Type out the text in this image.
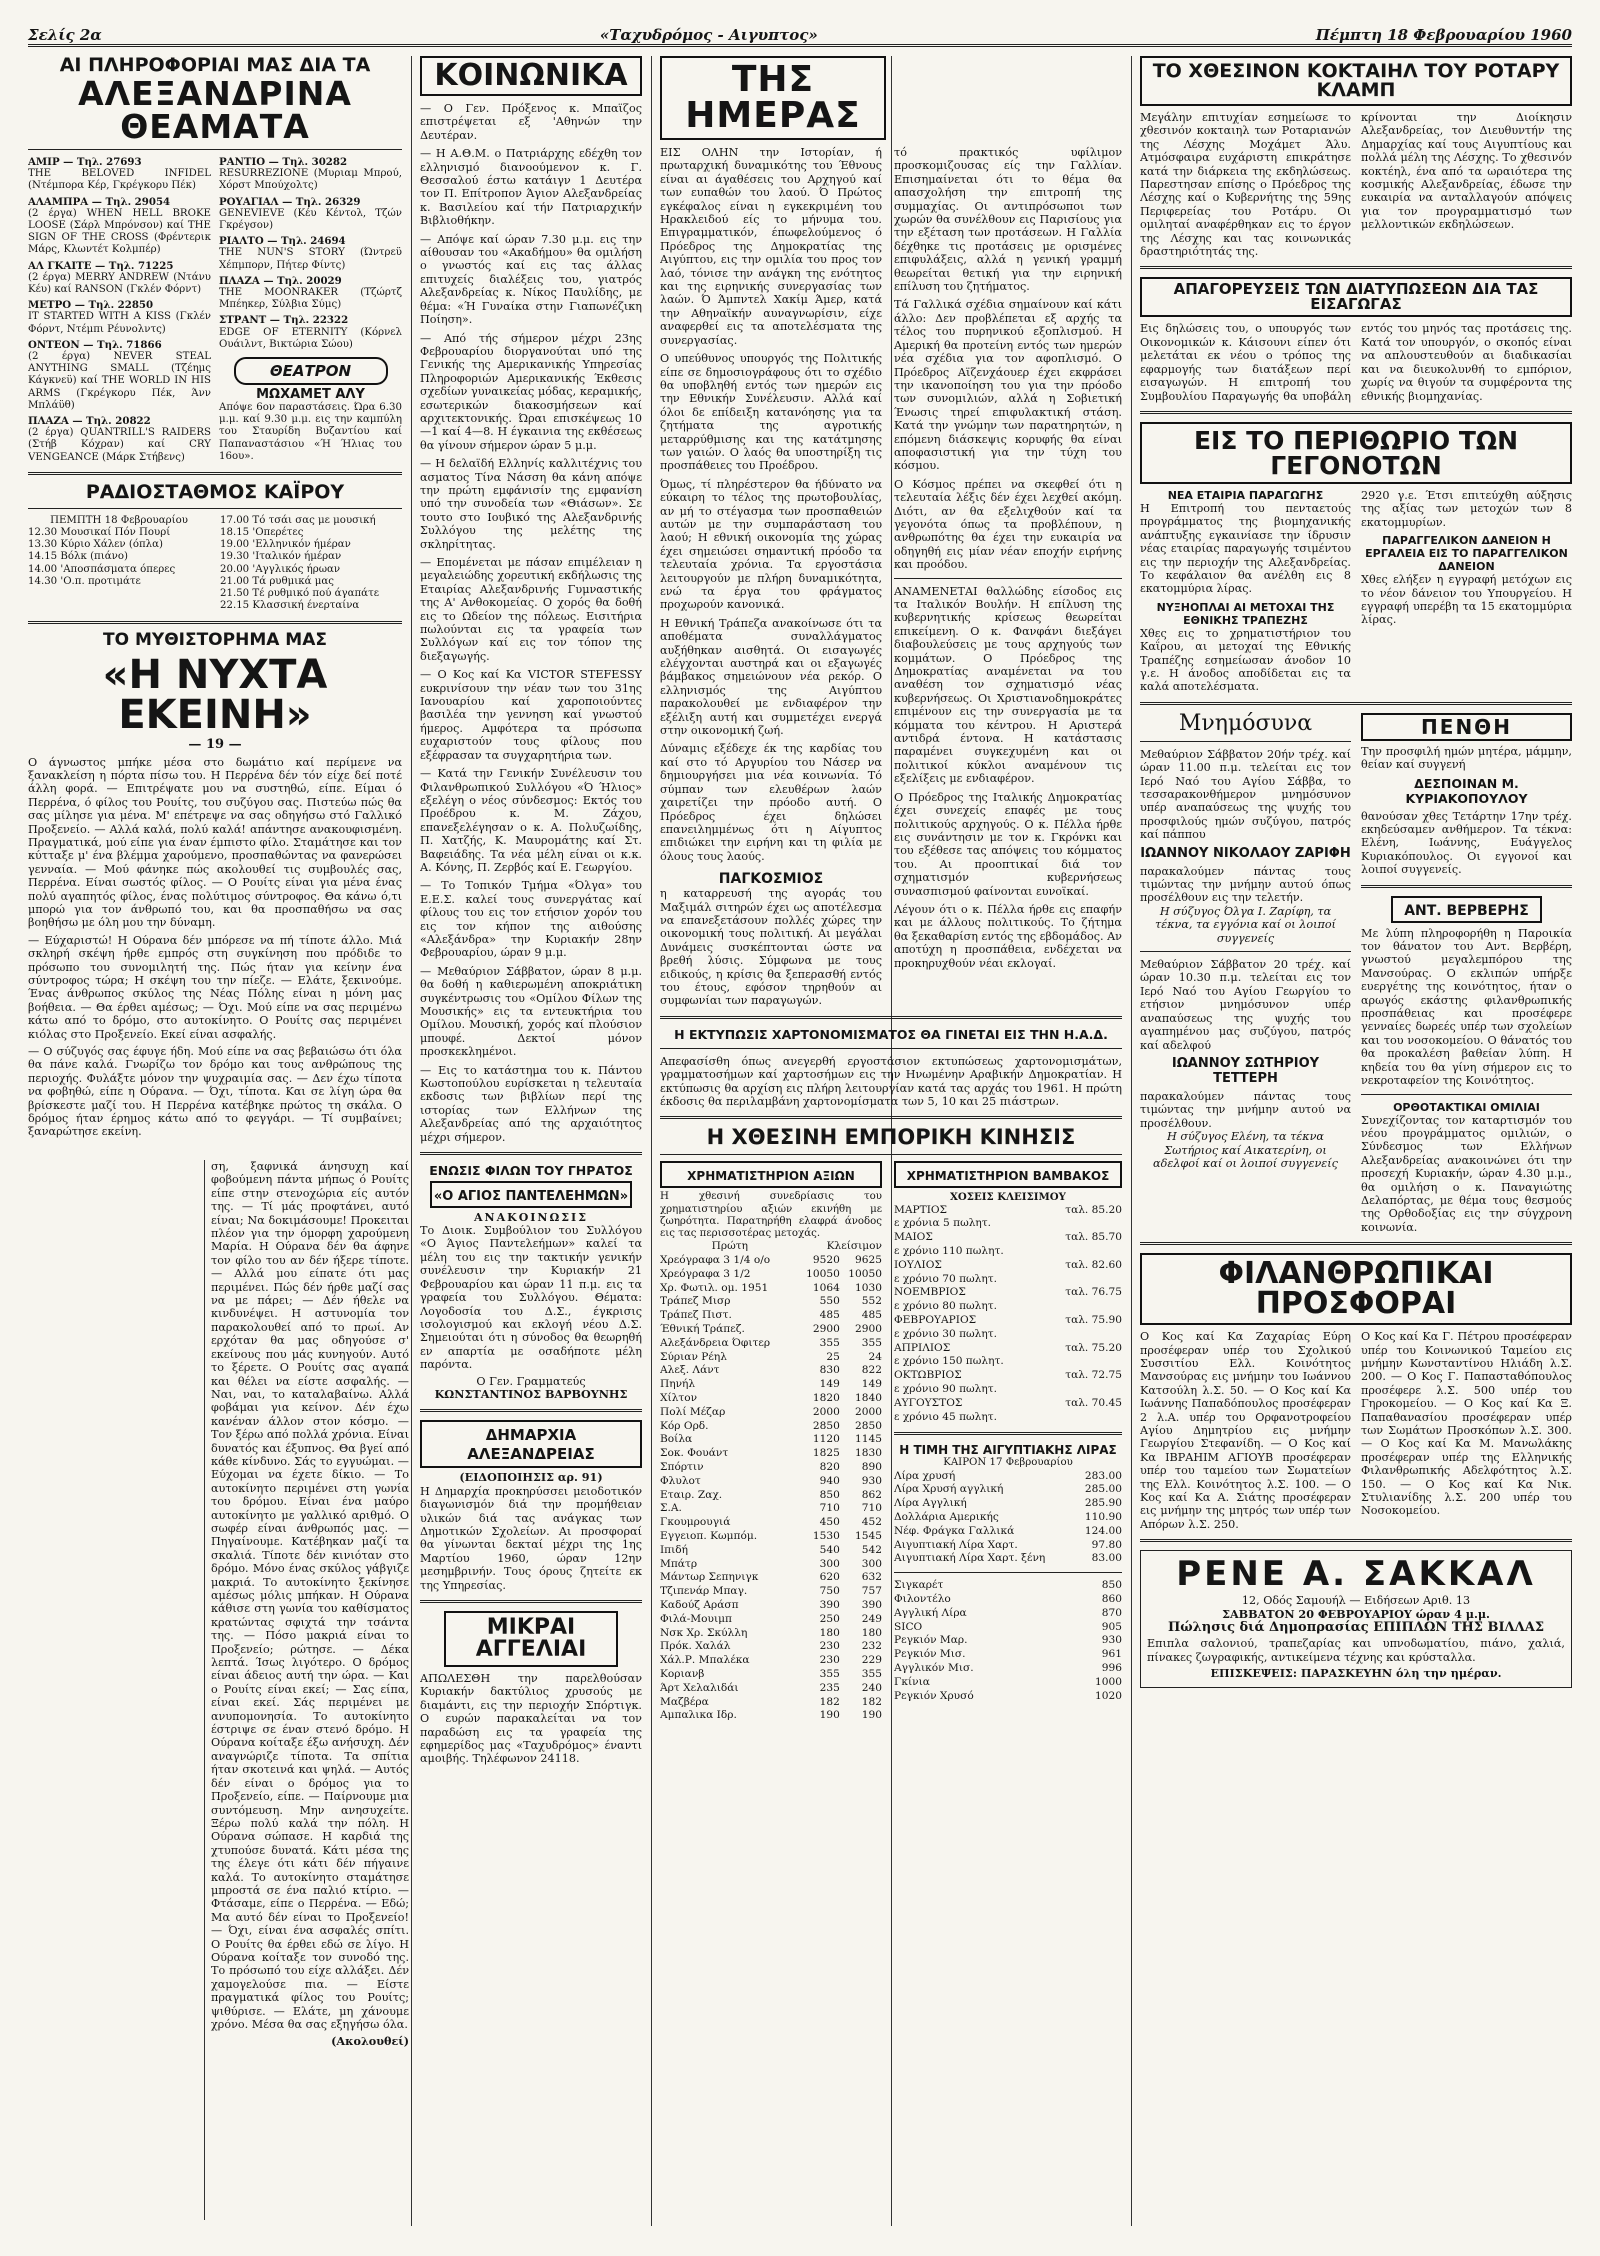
Σελίς 2α	«Ταχυδρόμος - Αιγυπτος»	Πέμπτη 18 Φεβρουαρίου 1960
ΑΙ ΠΛΗΡΟΦΟΡΙΑΙ ΜΑΣ ΔΙΑ ΤΑ
ΑΛΕΞΑΝΔΡΙΝΑ ΘΕΑΜΑΤΑ

ΑΜΙΡ — Τηλ. 27693

THE BELOVED INFIDEL (Ντέμπορα Κέρ, Γκρέγκορυ Πέκ)

ΑΛΑΜΠΡΑ — Τηλ. 29054

(2 έργα) WHEN HELL BROKE LOOSE (Σάρλ Μπρόνσον) καί THE SIGN OF THE CROSS (Φρέντερικ Μάρς, Κλωντέτ Κολμπέρ)

ΑΛ ΓΚΑΙΤΕ — Τηλ. 71225

(2 έργα) MERRY ANDREW (Ντάνυ Κέυ) καί RANSON (Γκλέν Φόρντ)

ΜΕΤΡΟ — Τηλ. 22850

IT STARTED WITH A KISS (Γκλέν Φόρντ, Ντέμπι Ρέυνολντς)

ΟΝΤΕΟΝ — Τηλ. 71866

(2 έργα) NEVER STEAL ANYTHING SMALL (Τζέημς Κάγκνεϋ) καί THE WORLD IN HIS ARMS (Γκρέγκορυ Πέκ, Άνν Μπλάϋθ)

ΠΛΑΖΑ — Τηλ. 20822

(2 έργα) QUANTRILL'S RAIDERS (Στήβ Κόχραν) καί CRY VENGEANCE (Μάρκ Στήβενς)

ΡΑΝΤΙΟ — Τηλ. 30282

RESURREZIONE (Μυριαμ Μπρού, Χόρστ Μπούχολτς)

ΡΟΥΑΓΙΑΛ — Τηλ. 26329

GENEVIEVE (Κέυ Κέντολ, Τζών Γκρέγσον)

ΡΙΑΛΤΟ — Τηλ. 24694

THE NUN'S STORY (Ώντρεϋ Χέπμπορν, Πήτερ Φίντς)

ΠΛΑΖΑ — Τηλ. 20029

THE MOONRAKER (Τζώρτζ Μπέηκερ, Σύλβια Σύμς)

ΣΤΡΑΝΤ — Τηλ. 22322

EDGE OF ETERNITY (Κόρνελ Ουάιλντ, Βικτώρια Σώου)

ΘΕΑΤΡΟΝ
ΜΩΧΑΜΕΤ ΑΛΥ

Απόψε 6ον παραστάσεις. Ώρα 6.30 μ.μ. καί 9.30 μ.μ. εις την καμπύλη του Σταυρίδη Βυζαντίου καί Παπαναστάσιου «Ή Ήλιας του 16ου».

ΡΑΔΙΟΣΤΑΘΜΟΣ ΚΑΪΡΟΥ

ΠΕΜΠΤΗ 18 Φεβρουαρίου

12.30 Μουσικαί Πόν Πουρί

13.30 Κύριο Χάλεν (όπλα)

14.15 Βόλκ (πιάνο)

14.00 'Αποσπάσματα όπερες

14.30 'Ο.π. προτιμάτε

17.00 Τό τσάι σας με μουσική

18.15 'Οπερέτες

19.00 'Ελληνικόν ήμέραν

19.30 'Ιταλικόν ήμέραν

20.00 'Αγγλικός ήρωαν

21.00 Τά ρυθμικά μας

21.50 Τέ ρυθμικό πού άγαπάτε

22.15 Κλασσική ένερταίνα

ΤΟ ΜΥΘΙΣΤΟΡΗΜΑ ΜΑΣ
«Η ΝΥΧΤΑ ΕΚΕΙΝΗ»
— 19 —

Ο άγνωστος μπήκε μέσα στο δωμάτιο καί περίμενε να ξανακλείση η πόρτα πίσω του. Η Περρένα δέν τόν είχε δεί ποτέ άλλη φορά. — Επιτρέψατε μου να συστηθώ, είπε. Είμαι ό Περρένα, ό φίλος του Ρουίτς, του συζύγου σας. Πιστεύω πώς θα σας μίλησε για μένα. Μ' επέτρεψε να σας οδηγήσω στό Γαλλικό Προξενείο. — Αλλά καλά, πολύ καλά! απάντησε ανακουφισμένη. Πραγματικά, μού είπε για έναν έμπιστο φίλο. Σταμάτησε και τον κύτταξε μ' ένα βλέμμα χαρούμενο, προσπαθώντας να φανερώσει γενναία. — Μού φάνηκε πώς ακολουθεί τις συμβουλές σας, Περρένα. Είναι σωστός φίλος. — Ο Ρουίτς είναι για μένα ένας πολύ αγαπητός φίλος, ένας πολύτιμος σύντροφος. Θα κάνω ό,τι μπορώ για τον άνθρωπό του, και θα προσπαθήσω να σας βοηθήσω με όλη μου την δύναμη.

— Εύχαριστώ! Η Ούρανα δέν μπόρεσε να πή τίποτε άλλο. Μιά σκληρή σκέψη ήρθε εμπρός στη συγκίνηση που πρόδιδε το πρόσωπο του συνομιλητή της. Πώς ήταν για κείνην ένα σύντροφος τώρα; Η σκέψη του την πίεζε. — Ελάτε, ξεκινούμε. Ένας άνθρωπος σκύλος της Νέας Πόλης είναι η μόνη μας βοήθεια. — Θα έρθει αμέσως; — Όχι. Μού είπε να σας περιμένω κάτω από το δρόμο, στο αυτοκίνητο. Ο Ρουίτς σας περιμένει κιόλας στο Προξενείο. Εκεί είναι ασφαλής.

— Ο σύζυγός σας έφυγε ήδη. Μού είπε να σας βεβαιώσω ότι όλα θα πάνε καλά. Γνωρίζω τον δρόμο και τους ανθρώπους της περιοχής. Φυλάξτε μόνον την ψυχραιμία σας. — Δεν έχω τίποτα να φοβηθώ, είπε η Ούρανα. — Όχι, τίποτα. Και σε λίγη ώρα θα βρίσκεστε μαζί του. Η Περρένα κατέβηκε πρώτος τη σκάλα. Ο δρόμος ήταν έρημος κάτω από το φεγγάρι. — Τί συμβαίνει; ξαναρώτησε εκείνη.

ση, ξαφνικά άνησυχη καί φοβούμενη πάντα μήπως ό Ρουίτς είπε στην στενοχώρια είς αυτόν της. — Τί μάς προφτάνει, αυτό είναι; Να δοκιμάσουμε! Προκειται πλέον για την όμορφη χαρούμενη Μαρία. Η Ούρανα δέν θα άφηνε τον φίλο του αν δέν ήξερε τίποτε. — Αλλά μου είπατε ότι μας περιμένει. Πώς δέν ήρθε μαζί σας να με πάρει; — Δέν ήθελε να κινδυνέψει. Η αστυνομία τον παρακολουθεί από το πρωί. Αν ερχόταν θα μας οδηγούσε σ' εκείνους που μάς κυνηγούν. Αυτό το ξέρετε. Ο Ρουίτς σας αγαπά και θέλει να είστε ασφαλής. — Ναι, ναι, το καταλαβαίνω. Αλλά φοβάμαι για κείνον. Δέν έχω κανέναν άλλον στον κόσμο. — Τον ξέρω από πολλά χρόνια. Είναι δυνατός και έξυπνος. Θα βγεί από κάθε κίνδυνο. Σάς το εγγυώμαι. — Εύχομαι να έχετε δίκιο. — Το αυτοκίνητο περιμένει στη γωνία του δρόμου. Είναι ένα μαύρο αυτοκίνητο με γαλλικό αριθμό. Ο σωφέρ είναι άνθρωπός μας. — Πηγαίνουμε. Κατέβηκαν μαζί τα σκαλιά. Τίποτε δέν κινιόταν στο δρόμο. Μόνο ένας σκύλος γάβγιζε μακριά. Το αυτοκίνητο ξεκίνησε αμέσως μόλις μπήκαν. Η Ούρανα κάθισε στη γωνία του καθίσματος κρατώντας σφιχτά την τσάντα της. — Πόσο μακριά είναι το Προξενείο; ρώτησε. — Δέκα λεπτά. Ίσως λιγότερο. Ο δρόμος είναι άδειος αυτή την ώρα. — Και ο Ρουίτς είναι εκεί; — Σας είπα, είναι εκεί. Σάς περιμένει με ανυπομονησία. Το αυτοκίνητο έστριψε σε έναν στενό δρόμο. Η Ούρανα κοίταξε έξω ανήσυχη. Δέν αναγνώριζε τίποτα. Τα σπίτια ήταν σκοτεινά και ψηλά. — Αυτός δέν είναι ο δρόμος για το Προξενείο, είπε. — Παίρνουμε μια συντόμευση. Μην ανησυχείτε. Ξέρω πολύ καλά την πόλη. Η Ούρανα σώπασε. Η καρδιά της χτυπούσε δυνατά. Κάτι μέσα της της έλεγε ότι κάτι δέν πήγαινε καλά. Το αυτοκίνητο σταμάτησε μπροστά σε ένα παλιό κτίριο. — Φτάσαμε, είπε ο Περρένα. — Εδώ; Μα αυτό δέν είναι το Προξενείο! — Όχι, είναι ένα ασφαλές σπίτι. Ο Ρουίτς θα έρθει εδώ σε λίγο. Η Ούρανα κοίταξε τον συνοδό της. Το πρόσωπό του είχε αλλάξει. Δέν χαμογελούσε πια. — Είστε πραγματικά φίλος του Ρουίτς; ψιθύρισε. — Ελάτε, μη χάνουμε χρόνο. Μέσα θα σας εξηγήσω όλα.

(Ακολουθεί)

ΚΟΙΝΩΝΙΚΑ

— Ο Γεν. Πρόξενος κ. Μπαϊζος επιστρέψεται εξ 'Αθηνών την Δευτέραν.

— Η Α.Θ.Μ. ο Πατριάρχης εδέχθη τον ελληνισμό διανοούμενον κ. Γ. Θεσσαλού έστω κατάιγν 1 Δευτέρα τον Π. Επίτροπον Άγιον Αλεξανδρείας κ. Βασιλείου καί τήν Πατριαρχικήν Βιβλιοθήκην.

— Απόψε καί ώραν 7.30 μ.μ. εις την αίθουσαν του «Ακαδήμου» θα ομιλήση ο γνωστός καί εις τας άλλας επιτυχείς διαλέξεις του, γιατρός Αλεξανδρείας κ. Νίκος Παυλίδης, με θέμα: «Ή Γυναίκα στην Γιαπωνέζικη Ποίηση».

— Από τής σήμερον μέχρι 23ης Φεβρουαρίου διοργανούται υπό της Γενικής της Αμερικανικής Υπηρεσίας Πληροφοριών Αμερικανικής Έκθεσις σχεδίων γυναικείας μόδας, κεραμικής, εσωτερικών διακοσμήσεων καί αρχιτεκτονικής. Ώραι επισκέψεως 10—1 καί 4—8. Η έγκαινια της εκθέσεως θα γίνουν σήμερον ώραν 5 μ.μ.

— Η δελαϊδή Ελληνίς καλλιτέχνις του ασματος Τίνα Νάσση θα κάνη απόψε την πρώτη εμφάνισίν της εμφανίση υπό την συνοδεία των «Θιάσων». Σε τουτο στο Ιουβικό της Αλεξανδρινής Συλλόγου της μελέτης της σκληρίτητας.

— Επομένεται με πάσαν επιμέλειαν η μεγαλειώδης χορευτική εκδήλωσις της Εταιρίας Αλεξανδρινής Γυμναστικής της Α' Ανθοκομείας. Ο χορός θα δοθή εις το Ωδείον της πόλεως. Εισιτήρια πωλούνται εις τα γραφεία των Συλλόγων καί εις τον τόπον της διεξαγωγής.

— Ο Κος καί Κα VICTOR STEFESSY ευκρινίσουν την νέαν των του 31ης Ιανουαρίου καί χαροποιούντες βασιλέα την γεννηση καί γνωστού ήμερος. Αμφότερα τα πρόσωπα ευχαριστούν τους φίλους που εξέφρασαν τα συγχαρητήρια των.

— Κατά την Γενικήν Συνέλευσιν του Φιλανθρωπικού Συλλόγου «Ό Ήλιος» εξελέγη ο νέος σύνδεσμος: Εκτός του Προέδρου κ. Μ. Ζάχου, επανεξελέγησαν ο κ. Α. Πολυζωίδης, Π. Χατζής, Κ. Μαυρομάτης καί Στ. Βαφειάδης. Τα νέα μέλη είναι οι κ.κ. Α. Κόνης, Π. Ζερβός καί Ε. Γεωργίου.

— Το Τοπικόν Τμήμα «Όλγα» του Ε.Ε.Σ. καλεί τους συνεργάτας καί φίλους του εις τον ετήσιον χορόν του εις τον κήπον της αιθούσης «Αλεξάνδρα» την Κυριακήν 28ην Φεβρουαρίου, ώραν 9 μ.μ.

— Μεθαύριον Σάββατον, ώραν 8 μ.μ. θα δοθή η καθιερωμένη αποκριάτικη συγκέντρωσις του «Ομίλου Φίλων της Μουσικής» εις τα εντευκτήρια του Ομίλου. Μουσική, χορός καί πλούσιον μπουφέ. Δεκτοί μόνον προσκεκλημένοι.

— Εις το κατάστημα του κ. Πάντου Κωστοπούλου ευρίσκεται η τελευταία εκδοσις των βιβλίων περί της ιστορίας των Ελλήνων της Αλεξανδρείας από της αρχαιότητος μέχρι σήμερον.

ΕΝΩΣΙΣ ΦΙΛΩΝ ΤΟΥ ΓΗΡΑΤΟΣ
«Ο ΑΓΙΟΣ ΠΑΝΤΕΛΕΗΜΩΝ»
ΑΝΑΚΟΙΝΩΣΙΣ

Το Διοικ. Συμβούλιον του Συλλόγου «Ο Άγιος Παντελεήμων» καλεί τα μέλη του εις την τακτικήν γενικήν συνέλευσιν την Κυριακήν 21 Φεβρουαρίου και ώραν 11 π.μ. εις τα γραφεία του Συλλόγου. Θέματα: Λογοδοσία του Δ.Σ., έγκρισις ισολογισμού και εκλογή νέου Δ.Σ. Σημειούται ότι η σύνοδος θα θεωρηθή εν απαρτία με οσαδήποτε μέλη παρόντα.

Ο Γεν. Γραμματεύς

ΚΩΝΣΤΑΝΤΙΝΟΣ ΒΑΡΒΟΥΝΗΣ

ΔΗΜΑΡΧΙΑ ΑΛΕΞΑΝΔΡΕΙΑΣ

(ΕΙΔΟΠΟΙΗΣΙΣ αρ. 91)

Η Δημαρχία προκηρύσσει μειοδοτικόν διαγωνισμόν διά την προμήθειαν υλικών διά τας ανάγκας των Δημοτικών Σχολείων. Αι προσφοραί θα γίνωνται δεκταί μέχρι της 1ης Μαρτίου 1960, ώραν 12ην μεσημβρινήν. Τους όρους ζητείτε εκ της Υπηρεσίας.

ΜΙΚΡΑΙ ΑΓΓΕΛΙΑΙ

ΑΠΩΛΕΣΘΗ την παρελθούσαν Κυριακήν δακτύλιος χρυσούς με διαμάντι, εις την περιοχήν Σπόρτιγκ. Ο ευρών παρακαλείται να τον παραδώση εις τα γραφεία της εφημερίδος μας «Ταχυδρόμος» έναντι αμοιβής. Τηλέφωνον 24118.

ΤΗΣ ΗΜΕΡΑΣ

ΕΙΣ ΟΛΗΝ την Ιστορίαν, ή πρωταρχική δυναμικότης του Έθνους είναι αι άγαθέσεις του Αρχηγού καί των ευπαθών του λαού. Ό Πρώτος εγκέφαλος είναι η εγκεκριμένη του Ηρακλειδού είς το μήνυμα του. Επιγραμματικόν, έπωφελούμενος ό Πρόεδρος της Δημοκρατίας της Αιγύπτου, εις την ομιλία του προς τον λαό, τόνισε την ανάγκη της ενότητος και της ειρηνικής συνεργασίας των λαών. Ό Άμπντελ Χακίμ Άμερ, κατά την Αθηναϊκήν αυναγνωρίσιν, είχε αναφερθεί εις τα αποτελέσματα της συνεργασίας.

Ο υπεύθυνος υπουργός της Πολιτικής είπε σε δημοσιογράφους ότι το σχέδιο θα υποβληθή εντός των ημερών εις την Εθνικήν Συνέλευσιν. Αλλά καί όλοι δε επίδειξη κατανόησης για τα ζητήματα της αγροτικής μεταρρύθμισης και της κατάτμησης των γαιών. Ο λαός θα υποστηρίξη τις προσπάθειες του Προέδρου.

Όμως, τί πληρέστερον θα ήδύνατο να εύκαιρη το τέλος της πρωτοβουλίας, αν μή το στέγασμα των προσπαθειών αυτών με την συμπαράσταση του λαού; Η εθνική οικονομία της χώρας έχει σημειώσει σημαντική πρόοδο τα τελευταία χρόνια. Τα εργοστάσια λειτουργούν με πλήρη δυναμικότητα, ενώ τα έργα του φράγματος προχωρούν κανονικά.

Η Εθνική Τράπεζα ανακοίνωσε ότι τα αποθέματα συναλλάγματος αυξήθηκαν αισθητά. Οι εισαγωγές ελέγχονται αυστηρά και οι εξαγωγές βάμβακος σημειώνουν νέα ρεκόρ. Ο ελληνισμός της Αιγύπτου παρακολουθεί με ενδιαφέρον την εξέλιξη αυτή και συμμετέχει ενεργά στην οικονομική ζωή.

Δύναμις εξέδεχε έκ της καρδίας του καί στο τό Αργυρίου του Νάσερ να δημιουργήσει μια νέα κοινωνία. Τό σύμπαν των ελευθέρων λαών χαιρετίζει την πρόοδο αυτή. Ο Πρόεδρος έχει δηλώσει επανειλημμένως ότι η Αίγυπτος επιδιώκει την ειρήνη και τη φιλία με όλους τους λαούς.

ΠΑΓΚΟΣΜΙΟΣ

η καταρρευσή της αγοράς του Μαξιμάλ σιτηρών έχει ως αποτέλεσμα να επανεξετάσουν πολλές χώρες την οικονομική τους πολιτική. Αι μεγάλαι Δυνάμεις συσκέπτονται ώστε να βρεθή λύσις. Σύμφωνα με τους ειδικούς, η κρίσις θα ξεπερασθή εντός του έτους, εφόσον τηρηθούν αι συμφωνίαι των παραγωγών.

τό πρακτικός υφίλιμον προσκομιζουσας είς την Γαλλίαν. Επισημαίνεται ότι το θέμα θα απασχολήση την επιτροπή της συμμαχίας. Οι αντιπρόσωποι των χωρών θα συνέλθουν εις Παρισίους για την εξέταση των προτάσεων. Η Γαλλία δέχθηκε τις προτάσεις με ορισμένες επιφυλάξεις, αλλά η γενική γραμμή θεωρείται θετική για την ειρηνική επίλυση του ζητήματος.

Τά Γαλλικά σχέδια σημαίνουν καί κάτι άλλο: Δεν προβλέπεται εξ αρχής τα τέλος του πυρηνικού εξοπλισμού. Η Αμερική θα προτείνη εντός των ημερών νέα σχέδια για τον αφοπλισμό. Ο Πρόεδρος Αϊζενχάουερ έχει εκφράσει την ικανοποίηση του για την πρόοδο των συνομιλιών, αλλά η Σοβιετική Ένωσις τηρεί επιφυλακτική στάση. Κατά την γνώμην των παρατηρητών, η επόμενη διάσκεψις κορυφής θα είναι αποφασιστική για την τύχη του κόσμου.

Ο Κόσμος πρέπει να σκεφθεί ότι η τελευταία λέξις δέν έχει λεχθεί ακόμη. Διότι, αν θα εξελιχθούν καί τα γεγονότα όπως τα προβλέπουν, η ανθρωπότης θα έχει την ευκαιρία να οδηγηθή εις μίαν νέαν εποχήν ειρήνης και προόδου.

ΑΝΑΜΕΝΕΤΑΙ θαλλώδης είσοδος εις τα Ιταλικόν Βουλήν. Η επίλυση της κυβερνητικής κρίσεως θεωρείται επικείμενη. Ο κ. Φανφάνι διεξάγει διαβουλεύσεις με τους αρχηγούς των κομμάτων. Ο Πρόεδρος της Δημοκρατίας αναμένεται να του αναθέση τον σχηματισμό νέας κυβερνήσεως. Οι Χριστιανοδημοκράτες επιμένουν εις την συνεργασία με τα κόμματα του κέντρου. Η Αριστερά αντιδρά έντονα. Η κατάστασις παραμένει συγκεχυμένη και οι πολιτικοί κύκλοι αναμένουν τις εξελίξεις με ενδιαφέρον.

Ο Πρόεδρος της Ιταλικής Δημοκρατίας έχει συνεχείς επαφές με τους πολιτικούς αρχηγούς. Ο κ. Πέλλα ήρθε εις συνάντησιν με τον κ. Γκρόνκι και του εξέθεσε τας απόψεις του κόμματος του. Αι προοπτικαί διά τον σχηματισμόν κυβερνήσεως συνασπισμού φαίνονται ευνοϊκαί.

Λέγουν ότι ο κ. Πέλλα ήρθε εις επαφήν και με άλλους πολιτικούς. Το ζήτημα θα ξεκαθαρίση εντός της εβδομάδος. Αν αποτύχη η προσπάθεια, ενδέχεται να προκηρυχθούν νέαι εκλογαί.

Η ΕΚΤΥΠΩΣΙΣ ΧΑΡΤΟΝΟΜΙΣΜΑΤΟΣ ΘΑ ΓΙΝΕΤΑΙ ΕΙΣ ΤΗΝ Η.Α.Δ.

Απεφασίσθη όπως ανεγερθή εργοστάσιον εκτυπώσεως χαρτονομισμάτων, γραμματοσήμων καί χαρτοσήμων εις την Ηνωμένην Αραβικήν Δημοκρατίαν. Η εκτύπωσις θα αρχίση εις πλήρη λειτουργίαν κατά τας αρχάς του 1961. Η πρώτη έκδοσις θα περιλαμβάνη χαρτονομίσματα των 5, 10 και 25 πιάστρων.

Η ΧΘΕΣΙΝΗ ΕΜΠΟΡΙΚΗ ΚΙΝΗΣΙΣ
ΧΡΗΜΑΤΙΣΤΗΡΙΟΝ ΑΞΙΩΝ

Η χθεσινή συνεδρίασις του χρηματιστηρίου αξιών εκινήθη με ζωηρότητα. Παρατηρήθη ελαφρά άνοδος εις τας περισσοτέρας μετοχάς.

	Πρώτη	Κλείσιμον
Χρεόγραφα 3 1/4 ο/ο	9520	9625
Χρεόγραφα 3 1/2	10050	10050
Χρ. Φωτιλ. ομ. 1951	1064	1030
Τράπεζ Μισρ	550	552
Τράπεζ Πιστ.	485	485
Έθνική Τράπεζ.	2900	2900
Αλεξάνδρεια Όφιτερ	355	355
Σύριαν Ρέηλ	25	24
Αλεξ. Λάντ	830	822
Πηνήλ	149	149
Χίλτον	1820	1840
Πολί Μέζαρ	2000	2000
Κόρ Ορδ.	2850	2850
Βοίλα	1120	1145
Σοκ. Φουάντ	1825	1830
Σπόρτιν	820	890
Φλυλοτ	940	930
Εταιρ. Ζαχ.	850	862
Σ.Α.	710	710
Γκουμρουγιά	450	452
Εγγειοπ. Κωμπόμ.	1530	1545
Ιπιδή	540	542
Μπάτρ	300	300
Μάντωρ Σεπηνιγκ	620	632
Τζιπενάρ Μπαγ.	750	757
Καδούζ Αράσπ	390	390
Φιλά-Μουιμπ	250	249
Νσκ Χρ. Σκύλλη	180	180
Πρόκ. Χαλάλ	230	232
Χάλ.Ρ. Μπαλέκα	230	229
Κοριανβ	355	355
Άρτ Χελαλιδάι	235	240
Μαζβέρα	182	182
Αμπαλικα Ιδρ.	190	190
ΧΡΗΜΑΤΙΣΤΗΡΙΟΝ ΒΑΜΒΑΚΟΣ

ΧΟΣΕΙΣ ΚΛΕΙΣΙΜΟΥ

ΜΑΡΤΙΟΣ	ταλ. 85.20
ε χρόνια 5 πωλητ.	
ΜΑΙΟΣ	ταλ. 85.70
ε χρόνιο 110 πωλητ.	
ΙΟΥΛΙΟΣ	ταλ. 82.60
ε χρόνιο 70 πωλητ.	
ΝΟΕΜΒΡΙΟΣ	ταλ. 76.75
ε χρόνιο 80 πωλητ.	
ΦΕΒΡΟΥΑΡΙΟΣ	ταλ. 75.90
ε χρόνιο 30 πωλητ.	
ΑΠΡΙΛΙΟΣ	ταλ. 75.20
ε χρόνιο 150 πωλητ.	
ΟΚΤΩΒΡΙΟΣ	ταλ. 72.75
ε χρόνιο 90 πωλητ.	
ΑΥΓΟΥΣΤΟΣ	ταλ. 70.45
ε χρόνιο 45 πωλητ.	
Η ΤΙΜΗ ΤΗΣ ΑΙΓΥΠΤΙΑΚΗΣ ΛΙΡΑΣ

ΚΑΙΡΟΝ 17 Φεβρουαρίου

Λίρα χρυσή	283.00
Λίρα Χρυσή αγγλική	285.00
Λίρα Αγγλική	285.90
Δολλάρια Αμερικής	110.90
Νέφ. Φράγκα Γαλλικά	124.00
Αιγυπτιακή Λίρα Χαρτ.	97.80
Αιγυπτιακή Λίρα Χαρτ. ξένη	83.00
Σιγκαρέτ	850
Φιλοντέλο	860
Αγγλική Λίρα	870
SICO	905
Ρεγκιόν Μαρ.	930
Ρεγκιόν Μισ.	961
Αγγλικόν Μισ.	996
Γκίνια	1000
Ρεγκιόν Χρυσό	1020
ΤΟ ΧΘΕΣΙΝΟΝ ΚΟΚΤΑΙΗΛ ΤΟΥ ΡΟΤΑΡΥ ΚΛΑΜΠ

Μεγάλην επιτυχίαν εσημείωσε το χθεσινόν κοκταιηλ των Ροταριανών της Λέσχης Μοχάμετ Άλυ. Ατμόσφαιρα ευχάριστη επικράτησε κατά την διάρκεια της εκδηλώσεως. Παρεστησαν επίσης ο Πρόεδρος της Λέσχης καί ο Κυβερνήτης της 59ης Περιφερείας του Ροτάρυ. Οι ομιληταί αναφέρθηκαν εις το έργον της Λέσχης και τας κοινωνικάς δραστηριότητάς της.

κρίνονται την Διοίκησιν Αλεξανδρείας, τον Διευθυντήν της Δημαρχίας καί τους Αιγυπτίους και πολλά μέλη της Λέσχης. Το χθεσινόν κοκτέηλ, ένα από τα ωραιότερα της κοσμικής Αλεξανδρείας, έδωσε την ευκαιρία να ανταλλαγούν απόψεις για τον προγραμματισμό των μελλοντικών εκδηλώσεων.

ΑΠΑΓΟΡΕΥΣΕΙΣ ΤΩΝ ΔΙΑΤΥΠΩΣΕΩΝ ΔΙΑ ΤΑΣ ΕΙΣΑΓΩΓΑΣ

Εις δηλώσεις του, ο υπουργός των Οικονομικών κ. Κάισουνι είπεν ότι μελετάται εκ νέου ο τρόπος της εφαρμογής των διατάξεων περί εισαγωγών. Η επιτροπή του Συμβουλίου Παραγωγής θα υποβάλη εντός του μηνός τας προτάσεις της. Κατά τον υπουργόν, ο σκοπός είναι να απλουστευθούν αι διαδικασίαι και να διευκολυνθή το εμπόριον, χωρίς να θιγούν τα συμφέροντα της εθνικής βιομηχανίας.

ΕΙΣ ΤΟ ΠΕΡΙΘΩΡΙΟ ΤΩΝ ΓΕΓΟΝΟΤΩΝ
ΝΕΑ ΕΤΑΙΡΙΑ ΠΑΡΑΓΩΓΗΣ

Η Επιτροπή του πενταετούς προγράμματος της βιομηχανικής ανάπτυξης εγκαινίασε την ίδρυσιν νέας εταιρίας παραγωγής τσιμέντου εις την περιοχήν της Αλεξανδρείας. Το κεφάλαιον θα ανέλθη εις 8 εκατομμύρια λίρας.

ΝΥΞΗΟΠΛΑΙ ΑΙ ΜΕΤΟΧΑΙ ΤΗΣ ΕΘΝΙΚΗΣ ΤΡΑΠΕΖΗΣ

Χθες εις το χρηματιστήριον του Καΐρου, αι μετοχαί της Εθνικής Τραπέζης εσημείωσαν άνοδον 10 γ.ε. Η άνοδος αποδίδεται εις τα καλά αποτελέσματα.

2920 γ.ε. Έτσι επιτεύχθη αύξησις της αξίας των μετοχών των 8 εκατομμυρίων.

ΠΑΡΑΓΓΕΛΙΚΟΝ ΔΑΝΕΙΟΝ Η ΕΡΓΑΛΕΙΑ ΕΙΣ ΤΟ ΠΑΡΑΓΓΕΛΙΚΟΝ ΔΑΝΕΙΟΝ

Χθες ελήξεν η εγγραφή μετόχων εις το νέον δάνειον του Υπουργείου. Η εγγραφή υπερέβη τα 15 εκατομμύρια λίρας.

Μνημόσυνα

Μεθαύριον Σάββατον 20ήν τρέχ. καί ώραν 11.00 π.μ. τελείται εις τον Ιερό Ναό του Αγίου Σάββα, το τεσσαρακονθήμερον μνημόσυνον υπέρ αναπαύσεως της ψυχής του προσφιλούς ημών συζύγου, πατρός καί πάππου

ΙΩΑΝΝΟΥ ΝΙΚΟΛΑΟΥ ΖΑΡΙΦΗ

παρακαλούμεν πάντας τους τιμώντας την μνήμην αυτού όπως προσέλθουν εις την τελετήν.

Η σύζυγος Όλγα Ι. Ζαρίφη, τα τέκνα, τα εγγόνια καί οι λοιποί συγγενείς

Μεθαύριον Σάββατον 20 τρέχ. καί ώραν 10.30 π.μ. τελείται εις τον Ιερό Ναό του Αγίου Γεωργίου το ετήσιον μνημόσυνον υπέρ αναπαύσεως της ψυχής του αγαπημένου μας συζύγου, πατρός καί αδελφού

ΙΩΑΝΝΟΥ ΣΩΤΗΡΙΟΥ ΤΕΤΤΕΡΗ

παρακαλούμεν πάντας τους τιμώντας την μνήμην αυτού να προσέλθουν.

Η σύζυγος Ελένη, τα τέκνα Σωτήριος καί Αικατερίνη, οι αδελφοί καί οι λοιποί συγγενείς

ΠΕΝΘΗ

Την προσφιλή ημών μητέρα, μάμμην, θείαν καί συγγενή

ΔΕΣΠΟΙΝΑΝ Μ. ΚΥΡΙΑΚΟΠΟΥΛΟΥ

θανούσαν χθες Τετάρτην 17ην τρέχ. εκηδεύσαμεν ανθήμερον. Τα τέκνα: Ελένη, Ιωάννης, Ευάγγελος Κυριακόπουλος. Οι εγγονοί και λοιποί συγγενείς.

ΑΝΤ. ΒΕΡΒΕΡΗΣ

Με λύπη πληροφορήθη η Παροικία τον θάνατον του Αντ. Βερβέρη, γνωστού μεγαλεμπόρου της Μανσούρας. Ο εκλιπών υπήρξε ευεργέτης της κοινότητος, ήταν ο αρωγός εκάστης φιλανθρωπικής προσπάθειας και προσέφερε γενναίες δωρεές υπέρ των σχολείων και του νοσοκομείου. Ο θάνατός του θα προκαλέση βαθείαν λύπη. Η κηδεία του θα γίνη σήμερον εις το νεκροταφείον της Κοινότητος.

ΟΡΘΟΤΑΚΤΙΚΑΙ ΟΜΙΛΙΑΙ

Συνεχίζοντας τον καταρτισμόν του νέου προγράμματος ομιλιών, ο Σύνδεσμος των Ελλήνων Αλεξανδρείας ανακοινώνει ότι την προσεχή Κυριακήν, ώραν 4.30 μ.μ., θα ομιλήση ο κ. Παναγιώτης Δελαπόρτας, με θέμα τους θεσμούς της Ορθοδοξίας εις την σύγχρονη κοινωνία.

ΦΙΛΑΝΘΡΩΠΙΚΑΙ ΠΡΟΣΦΟΡΑΙ

Ο Κος καί Κα Ζαχαρίας Εύρη προσέφεραν υπέρ του Σχολικού Συσσιτίου Ελλ. Κοινότητος Μανσούρας εις μνήμην του Ιωάννου Κατσούλη λ.Σ. 50. — Ο Κος καί Κα Ιωάννης Παπαδόπουλος προσέφεραν 2 λ.Α. υπέρ του Ορφανοτροφείου Αγίου Δημητρίου εις μνήμην Γεωργίου Στεφανίδη. — Ο Κος καί Κα ΙΒΡΑΗΙΜ ΑΓΙΟΥΒ προσέφεραν υπέρ του ταμείου των Σωματείων της Ελλ. Κοινότητος λ.Σ. 100. — Ο Κος καί Κα Α. Σιάτης προσέφεραν εις μνήμην της μητρός των υπέρ των Απόρων λ.Σ. 250.

Ο Κος καί Κα Γ. Πέτρου προσέφεραν υπέρ του Κοινωνικού Ταμείου εις μνήμην Κωνσταντίνου Ηλιάδη λ.Σ. 200. — Ο Κος Γ. Παπασταθόπουλος προσέφερε λ.Σ. 500 υπέρ του Γηροκομείου. — Ο Κος καί Κα Ξ. Παπαθανασίου προσέφεραν υπέρ των Σωμάτων Προσκόπων λ.Σ. 300. — Ο Κος καί Κα Μ. Μανωλάκης προσέφεραν υπέρ της Ελληνικής Φιλανθρωπικής Αδελφότητος λ.Σ. 150. — Ο Κος καί Κα Νικ. Στυλιανίδης λ.Σ. 200 υπέρ του Νοσοκομείου.

ΡΕΝΕ Α. ΣΑΚΚΑΛ

12, Οδός Σαμουήλ — Ειδήσεων Αριθ. 13

ΣΑΒΒΑΤΟΝ 20 ΦΕΒΡΟΥΑΡΙΟΥ ώραν 4 μ.μ.

Πώλησις διά Δημοπρασίας ΕΠΙΠΛΩΝ ΤΗΣ ΒΙΛΛΑΣ

Επιπλα σαλονιού, τραπεζαρίας και υπνοδωματίου, πιάνο, χαλιά, πίνακες ζωγραφικής, αντικείμενα τέχνης και κρύσταλλα.

ΕΠΙΣΚΕΨΕΙΣ: ΠΑΡΑΣΚΕΥΗΝ όλη την ημέραν.
